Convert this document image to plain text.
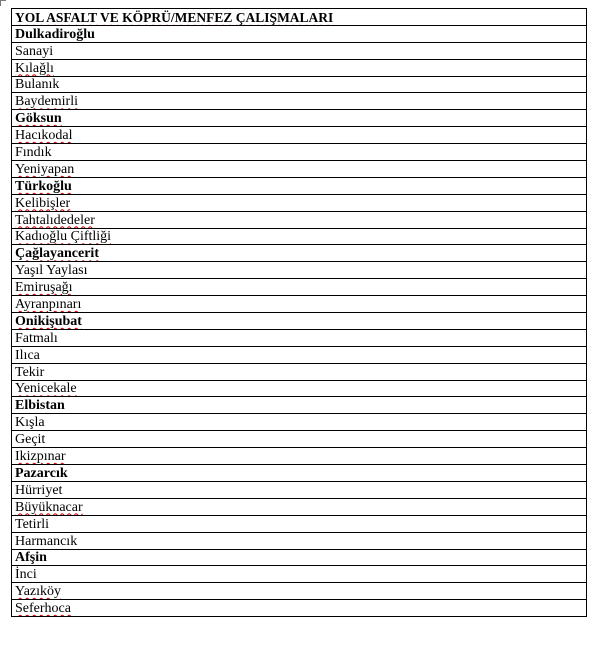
YOL ASFALT VE KÖPRÜ/MENFEZ ÇALIŞMALARI
Dulkadiroğlu
Sanayi
Kılağlı
Bulanık
Baydemirli
Göksun
Hacıkodal
Fındık
Yeniyapan
Türkoğlu
Kelibişler
Tahtalıdedeler
Kadıoğlu Çiftliği
Çağlayancerit
Yaşıl Yaylası
Emiruşağı
Ayranpınarı
Onikişubat
Fatmalı
Ilıca
Tekir
Yenicekale
Elbistan
Kışla
Geçit
Ikizpınar
Pazarcık
Hürriyet
Büyüknacar
Tetirli
Harmancık
Afşin
İnci
Yazıköy
Seferhoca
